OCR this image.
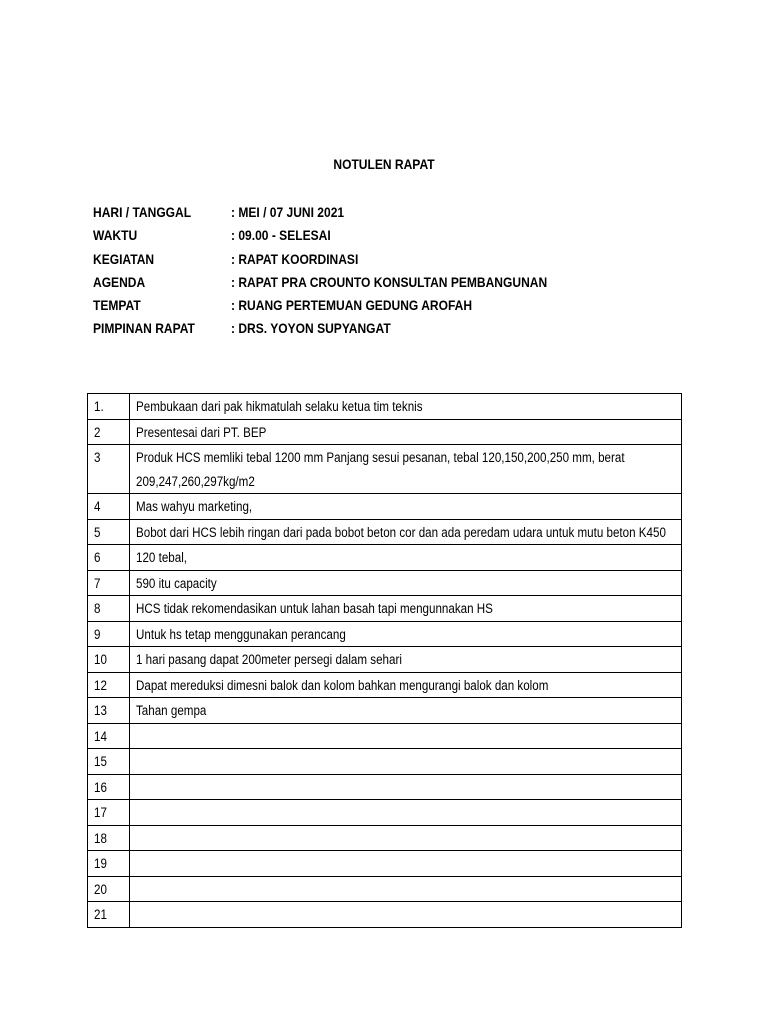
NOTULEN RAPAT
HARI / TANGGAL	: MEI / 07 JUNI 2021
WAKTU	: 09.00 - SELESAI
KEGIATAN	: RAPAT KOORDINASI
AGENDA	: RAPAT PRA CROUNTO KONSULTAN PEMBANGUNAN
TEMPAT	: RUANG PERTEMUAN GEDUNG AROFAH
PIMPINAN RAPAT	: DRS. YOYON SUPYANGAT
1.	Pembukaan dari pak hikmatulah selaku ketua tim teknis

2	Presentesai dari PT. BEP

3	Produk HCS memliki tebal 1200 mm Panjang sesui pesanan, tebal 120,150,200,250 mm, berat 209,247,260,297kg/m2

4	Mas wahyu marketing,

5	Bobot dari HCS lebih ringan dari pada bobot beton cor dan ada peredam udara untuk mutu beton K450

6	120 tebal,

7	590 itu capacity

8	HCS tidak rekomendasikan untuk lahan basah tapi mengunnakan HS

9	Untuk hs tetap menggunakan perancang

10	1 hari pasang dapat 200meter persegi dalam sehari

12	Dapat mereduksi dimesni balok dan kolom bahkan mengurangi balok dan kolom

13	Tahan gempa

14	

15	

16	

17	

18	

19	

20	

21	
